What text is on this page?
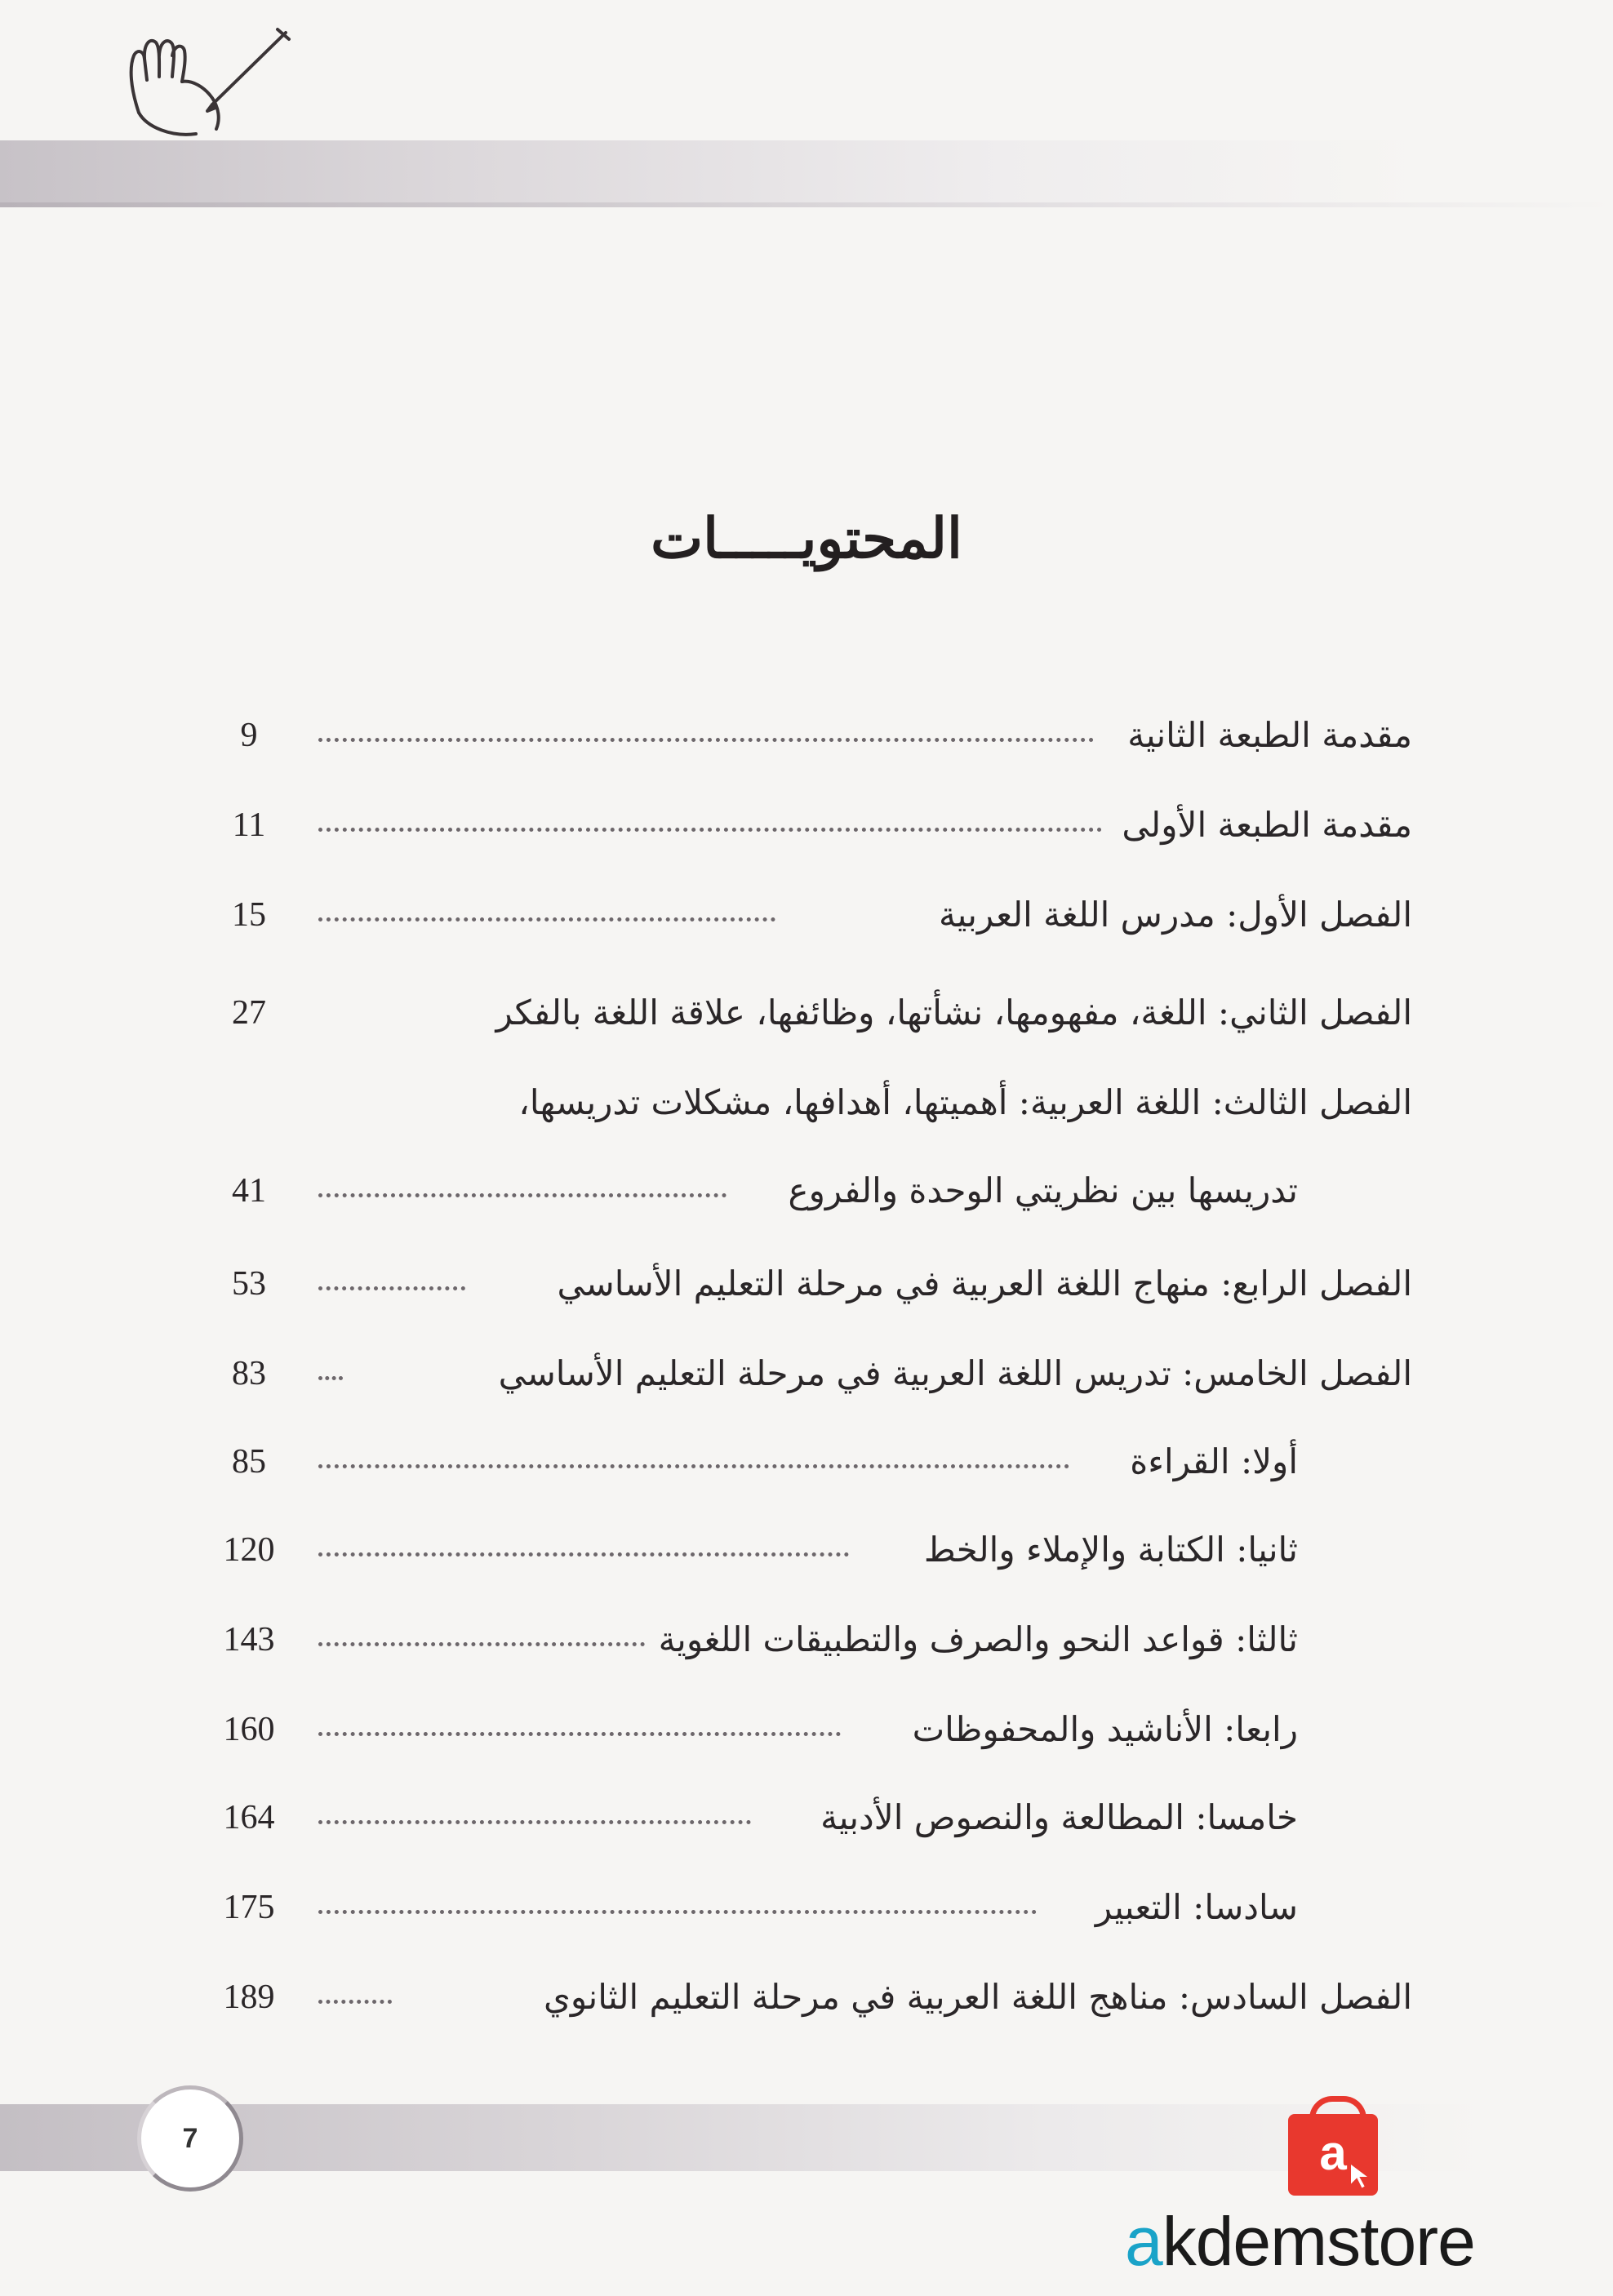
المحتويـــــات
مقدمة الطبعة الثانية
9
مقدمة الطبعة الأولى
11
الفصل الأول: مدرس اللغة العربية
15
الفصل الثاني: اللغة، مفهومها، نشأتها، وظائفها، علاقة اللغة بالفكر
27
الفصل الثالث: اللغة العربية: أهميتها، أهدافها، مشكلات تدريسها،
تدريسها بين نظريتي الوحدة والفروع
41
الفصل الرابع: منهاج اللغة العربية في مرحلة التعليم الأساسي
53
الفصل الخامس: تدريس اللغة العربية في مرحلة التعليم الأساسي
83
أولا: القراءة
85
ثانيا: الكتابة والإملاء والخط
120
ثالثا: قواعد النحو والصرف والتطبيقات اللغوية
143
رابعا: الأناشيد والمحفوظات
160
خامسا: المطالعة والنصوص الأدبية
164
سادسا: التعبير
175
الفصل السادس: مناهج اللغة العربية في مرحلة التعليم الثانوي
189
7	a
akdemstore
